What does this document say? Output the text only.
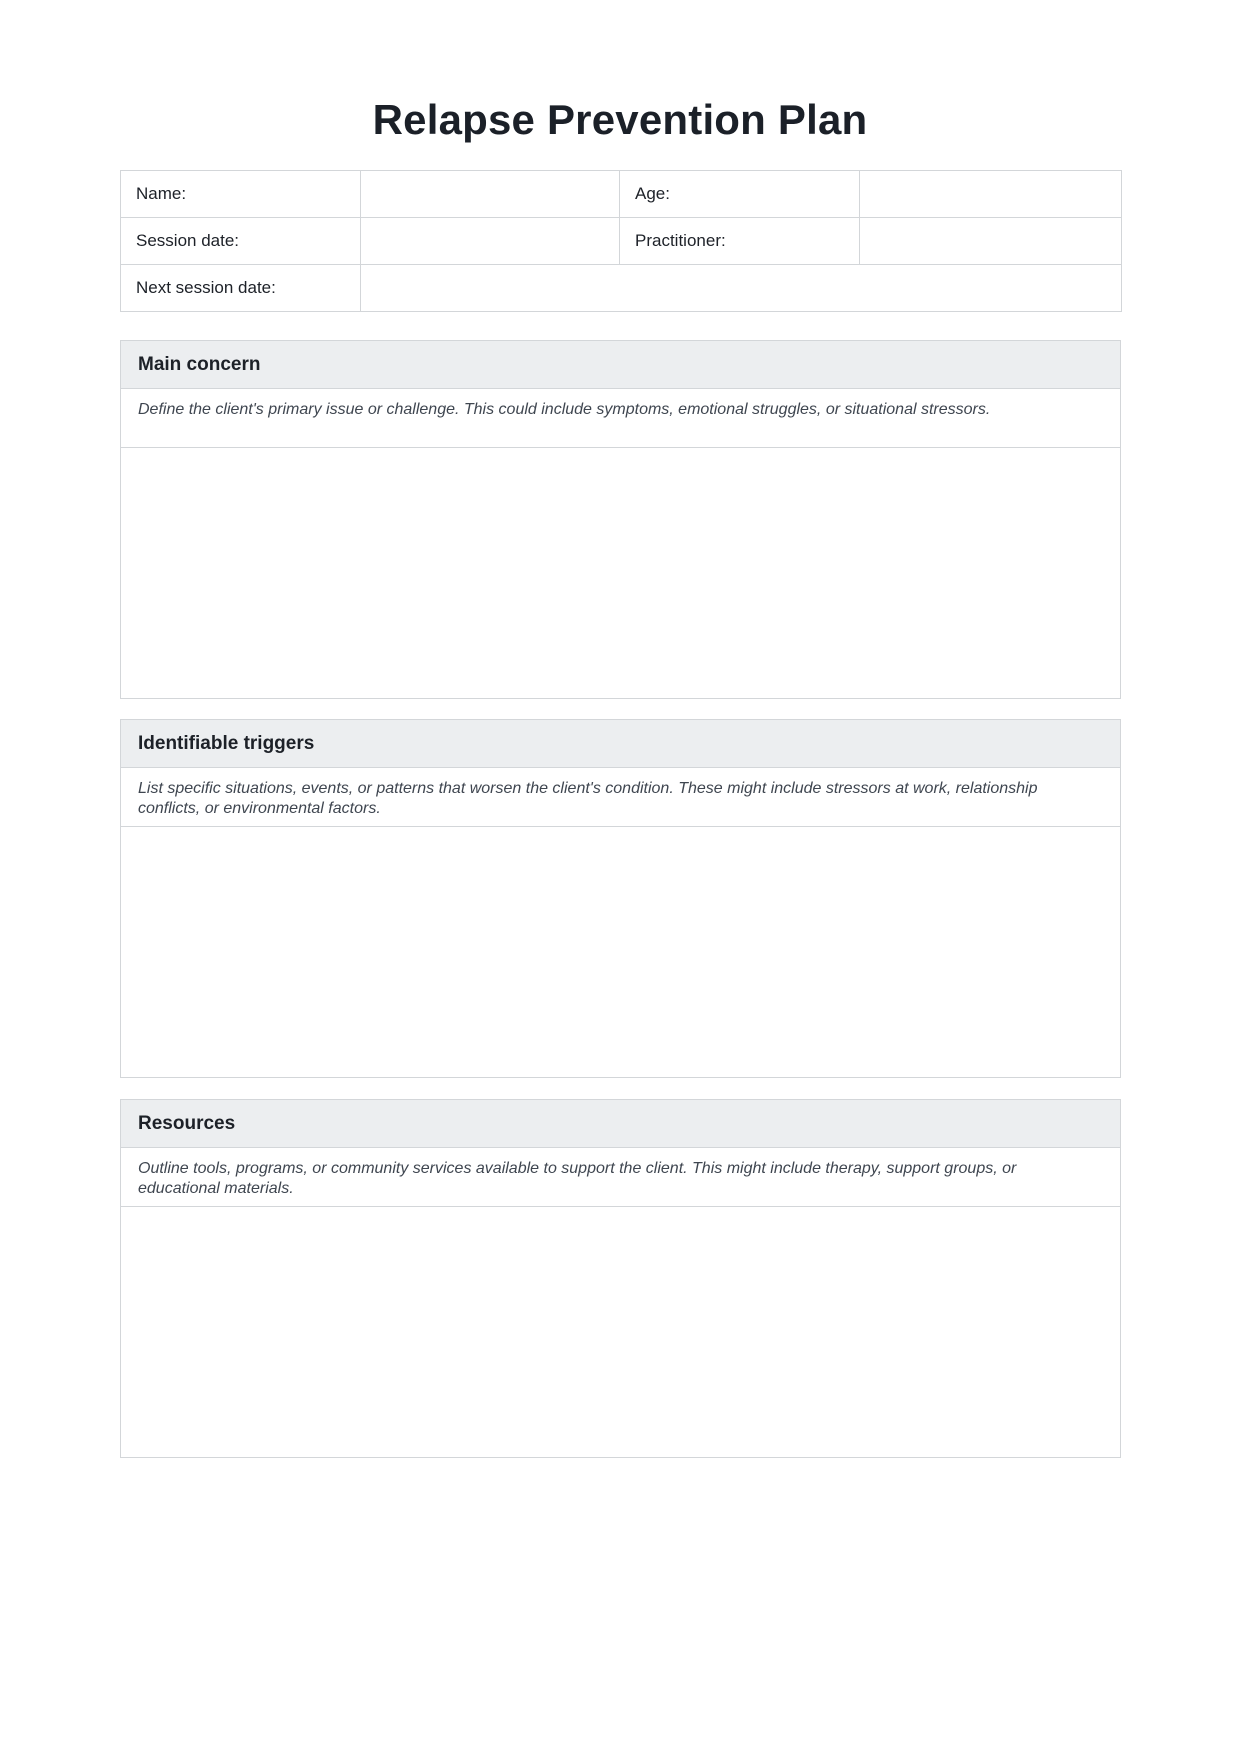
Relapse Prevention Plan
Name:		Age:	
Session date:		Practitioner:	
Next session date:			
Main concern
Define the client's primary issue or challenge. This could include symptoms, emotional struggles, or situational stressors.
Identifiable triggers
List specific situations, events, or patterns that worsen the client's condition. These might include stressors at work, relationship conflicts, or environmental factors.
Resources
Outline tools, programs, or community services available to support the client. This might include therapy, support groups, or educational materials.
